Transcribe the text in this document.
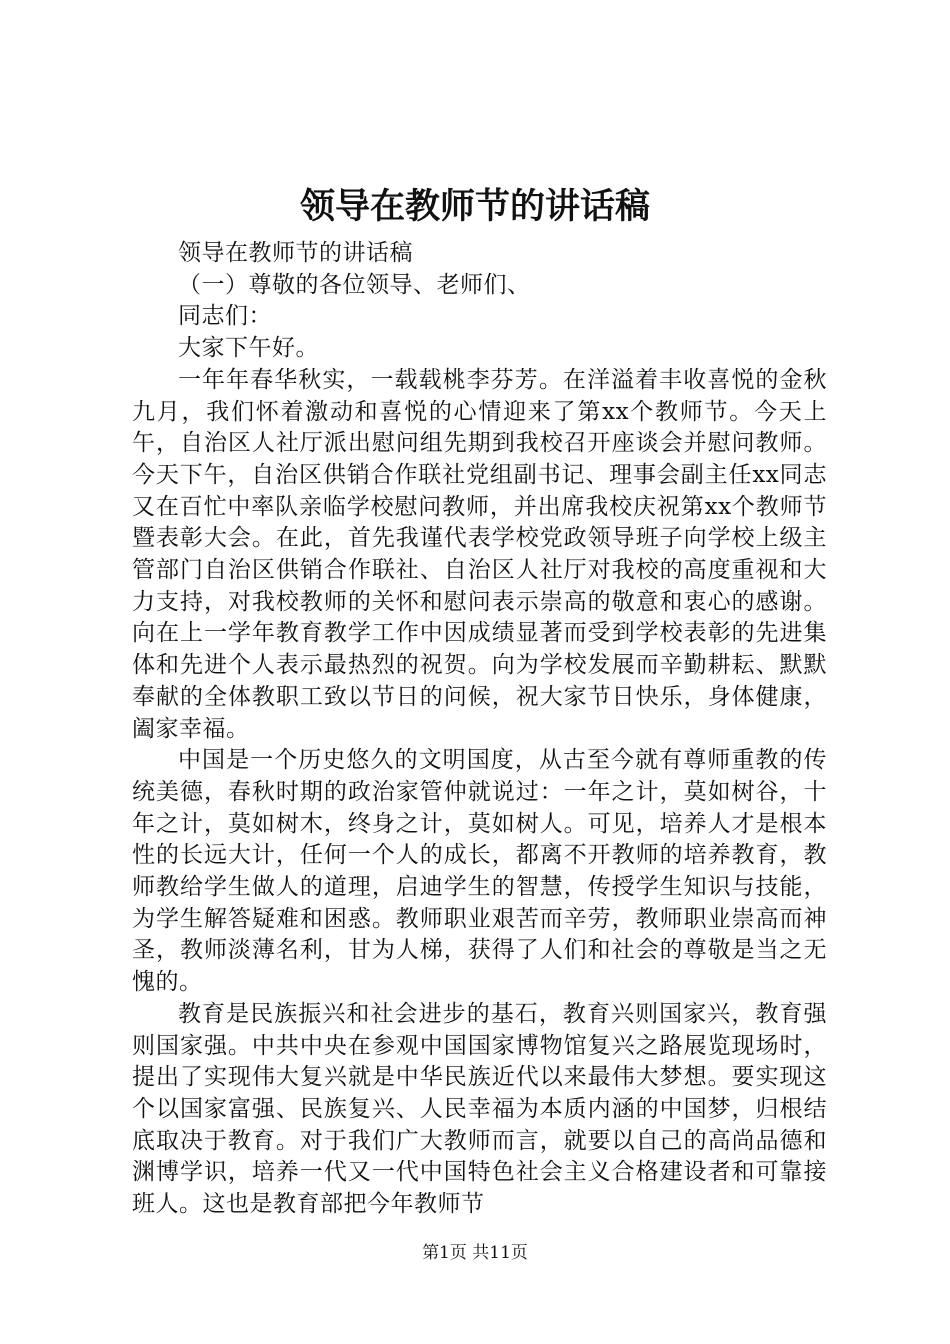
领导在教师节的讲话稿

领导在教师节的讲话稿

（一）尊敬的各位领导、老师们、

同志们：

大家下午好。

一年年春华秋实，一载载桃李芬芳。在洋溢着丰收喜悦的金秋九月，我们怀着激动和喜悦的心情迎来了第xx个教师节。今天上午，自治区人社厅派出慰问组先期到我校召开座谈会并慰问教师。今天下午，自治区供销合作联社党组副书记、理事会副主任xx同志又在百忙中率队亲临学校慰问教师，并出席我校庆祝第xx个教师节暨表彰大会。在此，首先我谨代表学校党政领导班子向学校上级主管部门自治区供销合作联社、自治区人社厅对我校的高度重视和大力支持，对我校教师的关怀和慰问表示崇高的敬意和衷心的感谢。向在上一学年教育教学工作中因成绩显著而受到学校表彰的先进集体和先进个人表示最热烈的祝贺。向为学校发展而辛勤耕耘、默默奉献的全体教职工致以节日的问候，祝大家节日快乐，身体健康，阖家幸福。

中国是一个历史悠久的文明国度，从古至今就有尊师重教的传统美德，春秋时期的政治家管仲就说过：一年之计，莫如树谷，十年之计，莫如树木，终身之计，莫如树人。可见，培养人才是根本性的长远大计，任何一个人的成长，都离不开教师的培养教育，教师教给学生做人的道理，启迪学生的智慧，传授学生知识与技能，为学生解答疑难和困惑。教师职业艰苦而辛劳，教师职业崇高而神圣，教师淡薄名利，甘为人梯，获得了人们和社会的尊敬是当之无愧的。

教育是民族振兴和社会进步的基石，教育兴则国家兴，教育强则国家强。中共中央在参观中国国家博物馆复兴之路展览现场时，提出了实现伟大复兴就是中华民族近代以来最伟大梦想。要实现这个以国家富强、民族复兴、人民幸福为本质内涵的中国梦，归根结底取决于教育。对于我们广大教师而言，就要以自己的高尚品德和渊博学识，培养一代又一代中国特色社会主义合格建设者和可靠接班人。这也是教育部把今年教师节

第1页 共11页
